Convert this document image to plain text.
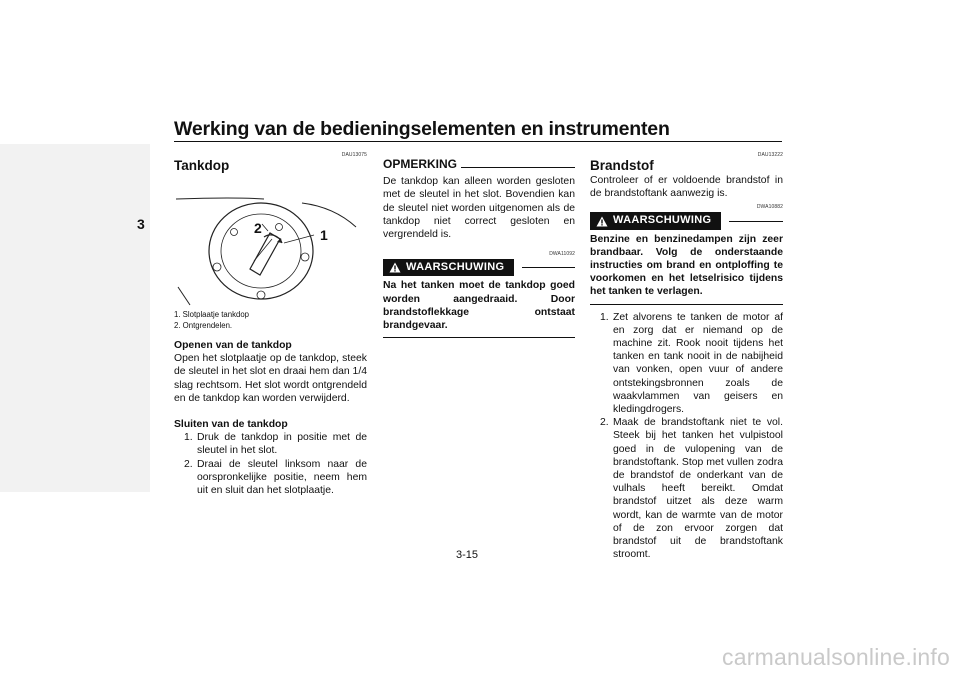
Werking van de bedieningselementen en instrumenten
3
DAU13075
Tankdop
1
2
1. Slotplaatje tankdop
2. Ontgrendelen.

Openen van de tankdop

Open het slotplaatje op de tankdop, steek de sleutel in het slot en draai hem dan 1/4 slag rechtsom. Het slot wordt ontgrendeld en de tankdop kan worden verwijderd.

Sluiten van de tankdop

1. Druk de tankdop in positie met de sleutel in het slot.
2. Draai de sleutel linksom naar de oorspronkelijke positie, neem hem uit en sluit dan het slotplaatje.
OPMERKING

De tankdop kan alleen worden gesloten met de sleutel in het slot. Bovendien kan de sleutel niet worden uitgenomen als de tankdop niet correct gesloten en vergrendeld is.

DWA11092
WAARSCHUWING
Na het tanken moet de tankdop goed worden aangedraaid. Door brandstoflekkage ontstaat brandgevaar.
DAU13222
Brandstof

Controleer of er voldoende brandstof in de brandstoftank aanwezig is.

DWA10882
WAARSCHUWING
Benzine en benzinedampen zijn zeer brandbaar. Volg de onderstaande instructies om brand en ontploffing te voorkomen en het letselrisico tijdens het tanken te verlagen.
1. Zet alvorens te tanken de motor af en zorg dat er niemand op de machine zit. Rook nooit tijdens het tanken en tank nooit in de nabijheid van vonken, open vuur of andere ontstekingsbronnen zoals de waakvlammen van geisers en kledingdrogers.
2. Maak de brandstoftank niet te vol. Steek bij het tanken het vulpistool goed in de vulopening van de brandstoftank. Stop met vullen zodra de brandstof de onderkant van de vulhals heeft bereikt. Omdat brandstof uitzet als deze warm wordt, kan de warmte van de motor of de zon ervoor zorgen dat brandstof uit de brandstoftank stroomt.
3-15
carmanualsonline.info
